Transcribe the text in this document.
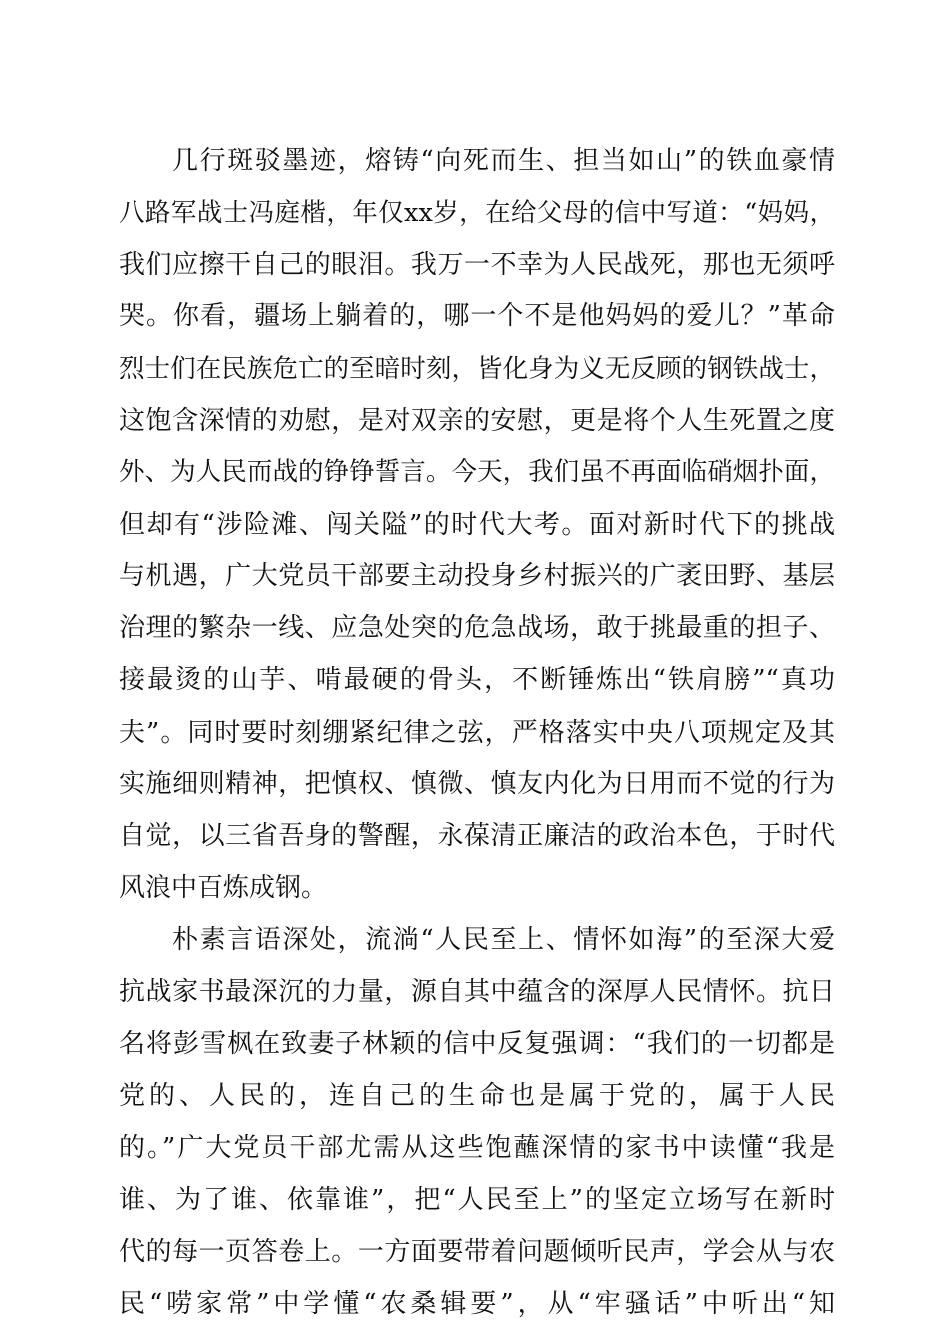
几行斑驳墨迹，熔铸“向死而生、担当如山”的铁血豪情
八路军战士冯庭楷，年仅xx岁，在给父母的信中写道：“妈妈，
我们应擦干自己的眼泪。我万一不幸为人民战死，那也无须呼
哭。你看，疆场上躺着的，哪一个不是他妈妈的爱儿？”革命
烈士们在民族危亡的至暗时刻，皆化身为义无反顾的钢铁战士，
这饱含深情的劝慰，是对双亲的安慰，更是将个人生死置之度
外、为人民而战的铮铮誓言。今天，我们虽不再面临硝烟扑面，
但却有“涉险滩、闯关隘”的时代大考。面对新时代下的挑战
与机遇，广大党员干部要主动投身乡村振兴的广袤田野、基层
治理的繁杂一线、应急处突的危急战场，敢于挑最重的担子、
接最烫的山芋、啃最硬的骨头，不断锤炼出“铁肩膀”“真功
夫”。同时要时刻绷紧纪律之弦，严格落实中央八项规定及其
实施细则精神，把慎权、慎微、慎友内化为日用而不觉的行为
自觉，以三省吾身的警醒，永葆清正廉洁的政治本色，于时代
风浪中百炼成钢。
朴素言语深处，流淌“人民至上、情怀如海”的至深大爱
抗战家书最深沉的力量，源自其中蕴含的深厚人民情怀。抗日
名将彭雪枫在致妻子林颖的信中反复强调：“我们的一切都是
党的、人民的，连自己的生命也是属于党的，属于人民
的。”广大党员干部尤需从这些饱蘸深情的家书中读懂“我是
谁、为了谁、依靠谁”，把“人民至上”的坚定立场写在新时
代的每一页答卷上。一方面要带着问题倾听民声，学会从与农
民“唠家常”中学懂“农桑辑要”，从“牢骚话”中听出“知
